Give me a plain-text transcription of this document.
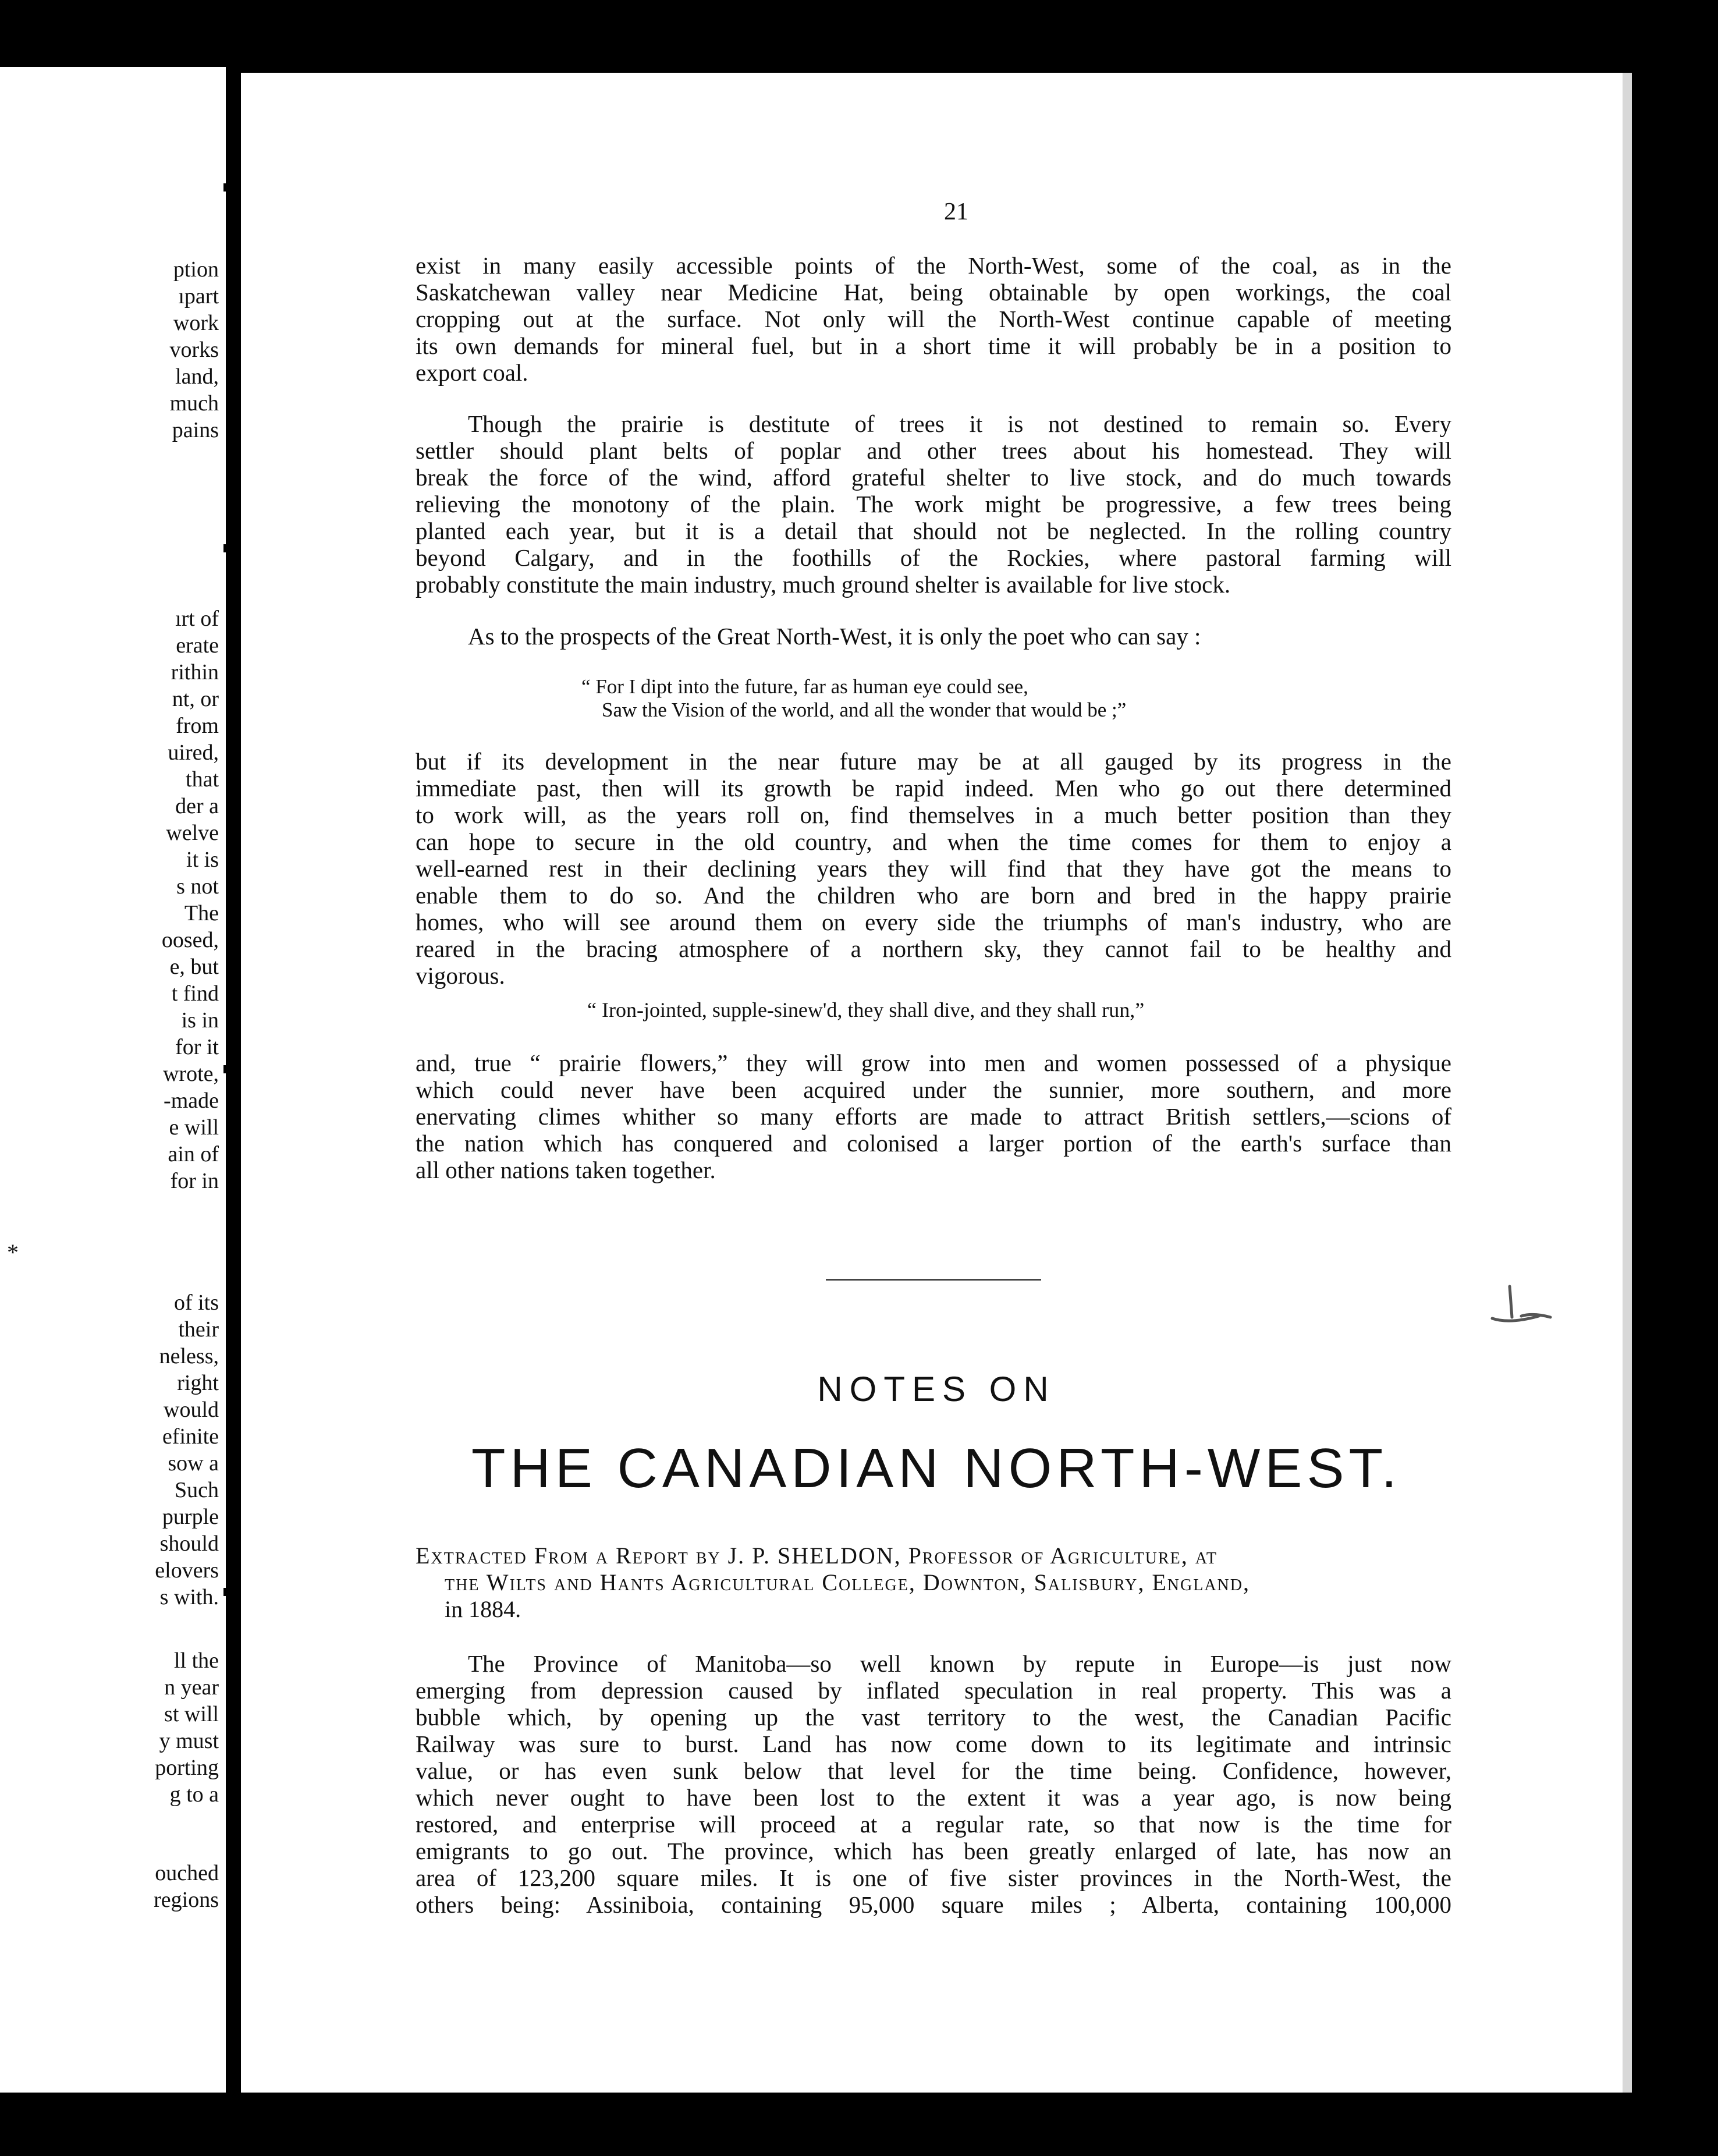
ption
ıpart
work
vorks
land,
much
pains
ırt of
erate
rithin
nt, or
from
uired,
that
der a
welve
it is
s not
The
oosed,
e, but
t find
is in
for it
wrote,
-made
e will
ain of
for in
*
of its
their
neless,
right
would
efinite
sow a
Such
purple
should
elovers
s with.
ll the
n year
st will
y must
porting
g to a
ouched
regions
21
exist in many easily accessible points of the North-West, some of the coal, as in the
Saskatchewan valley near Medicine Hat, being obtainable by open workings, the coal
cropping out at the surface. Not only will the North-West continue capable of meeting
its own demands for mineral fuel, but in a short time it will probably be in a position to
export coal.
Though the prairie is destitute of trees it is not destined to remain so. Every
settler should plant belts of poplar and other trees about his homestead. They will
break the force of the wind, afford grateful shelter to live stock, and do much towards
relieving the monotony of the plain. The work might be progressive, a few trees being
planted each year, but it is a detail that should not be neglected. In the rolling country
beyond Calgary, and in the foothills of the Rockies, where pastoral farming will
probably constitute the main industry, much ground shelter is available for live stock.
As to the prospects of the Great North-West, it is only the poet who can say :
“ For I dipt into the future, far as human eye could see,
Saw the Vision of the world, and all the wonder that would be ;”
but if its development in the near future may be at all gauged by its progress in the
immediate past, then will its growth be rapid indeed. Men who go out there determined
to work will, as the years roll on, find themselves in a much better position than they
can hope to secure in the old country, and when the time comes for them to enjoy a
well-earned rest in their declining years they will find that they have got the means to
enable them to do so. And the children who are born and bred in the happy prairie
homes, who will see around them on every side the triumphs of man's industry, who are
reared in the bracing atmosphere of a northern sky, they cannot fail to be healthy and
vigorous.
“ Iron-jointed, supple-sinew'd, they shall dive, and they shall run,”
and, true “ prairie flowers,” they will grow into men and women possessed of a physique
which could never have been acquired under the sunnier, more southern, and more
enervating climes whither so many efforts are made to attract British settlers,—scions of
the nation which has conquered and colonised a larger portion of the earth's surface than
all other nations taken together.
NOTES ON
THE CANADIAN NORTH-WEST.
Extracted From a Report by J. P. SHELDON, Professor of Agriculture, at
the Wilts and Hants Agricultural College, Downton, Salisbury, England,
in 1884.
The Province of Manitoba—so well known by repute in Europe—is just now
emerging from depression caused by inflated speculation in real property. This was a
bubble which, by opening up the vast territory to the west, the Canadian Pacific
Railway was sure to burst. Land has now come down to its legitimate and intrinsic
value, or has even sunk below that level for the time being. Confidence, however,
which never ought to have been lost to the extent it was a year ago, is now being
restored, and enterprise will proceed at a regular rate, so that now is the time for
emigrants to go out. The province, which has been greatly enlarged of late, has now an
area of 123,200 square miles. It is one of five sister provinces in the North-West, the
others being: Assiniboia, containing 95,000 square miles ; Alberta, containing 100,000
